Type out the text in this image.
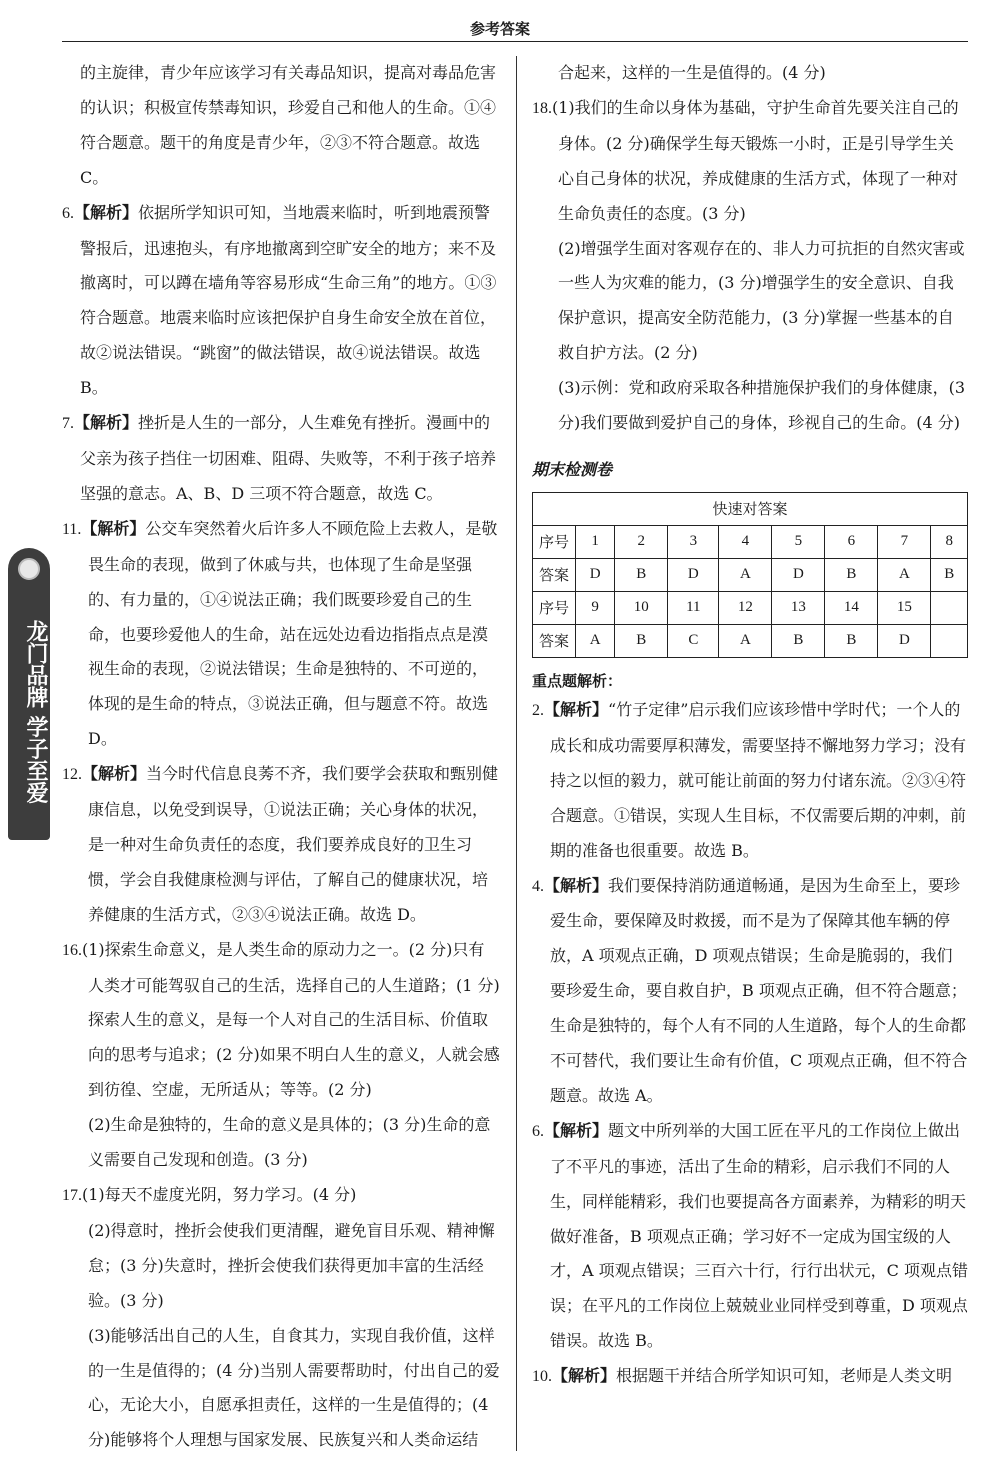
参考答案
龙门品牌 学子至爱

的主旋律，青少年应该学习有关毒品知识，提高对毒品危害的认识；积极宣传禁毒知识，珍爱自己和他人的生命。①④符合题意。题干的角度是青少年，②③不符合题意。故选 C。

6.【解析】依据所学知识可知，当地震来临时，听到地震预警警报后，迅速抱头，有序地撤离到空旷安全的地方；来不及撤离时，可以蹲在墙角等容易形成“生命三角”的地方。①③符合题意。地震来临时应该把保护自身生命安全放在首位，故②说法错误。“跳窗”的做法错误，故④说法错误。故选 B。

7.【解析】挫折是人生的一部分，人生难免有挫折。漫画中的父亲为孩子挡住一切困难、阻碍、失败等，不利于孩子培养坚强的意志。A、B、D 三项不符合题意，故选 C。

11.【解析】公交车突然着火后许多人不顾危险上去救人，是敬畏生命的表现，做到了休戚与共，也体现了生命是坚强的、有力量的，①④说法正确；我们既要珍爱自己的生命，也要珍爱他人的生命，站在远处边看边指指点点是漠视生命的表现，②说法错误；生命是独特的、不可逆的，体现的是生命的特点，③说法正确，但与题意不符。故选 D。

12.【解析】当今时代信息良莠不齐，我们要学会获取和甄别健康信息，以免受到误导，①说法正确；关心身体的状况，是一种对生命负责任的态度，我们要养成良好的卫生习惯，学会自我健康检测与评估，了解自己的健康状况，培养健康的生活方式，②③④说法正确。故选 D。

16.(1)探索生命意义，是人类生命的原动力之一。(2 分)只有人类才可能驾驭自己的生活，选择自己的人生道路；(1 分)探索人生的意义，是每一个人对自己的生活目标、价值取向的思考与追求；(2 分)如果不明白人生的意义，人就会感到彷徨、空虚，无所适从；等等。(2 分)

(2)生命是独特的，生命的意义是具体的；(3 分)生命的意义需要自己发现和创造。(3 分)

17.(1)每天不虚度光阴，努力学习。(4 分)

(2)得意时，挫折会使我们更清醒，避免盲目乐观、精神懈怠；(3 分)失意时，挫折会使我们获得更加丰富的生活经验。(3 分)

(3)能够活出自己的人生，自食其力，实现自我价值，这样的一生是值得的；(4 分)当别人需要帮助时，付出自己的爱心，无论大小，自愿承担责任，这样的一生是值得的；(4 分)能够将个人理想与国家发展、民族复兴和人类命运结

合起来，这样的一生是值得的。(4 分)

18.(1)我们的生命以身体为基础，守护生命首先要关注自己的身体。(2 分)确保学生每天锻炼一小时，正是引导学生关心自己身体的状况，养成健康的生活方式，体现了一种对生命负责任的态度。(3 分)

(2)增强学生面对客观存在的、非人力可抗拒的自然灾害或一些人为灾难的能力，(3 分)增强学生的安全意识、自我保护意识，提高安全防范能力，(3 分)掌握一些基本的自救自护方法。(2 分)

(3)示例：党和政府采取各种措施保护我们的身体健康，(3 分)我们要做到爱护自己的身体，珍视自己的生命。(4 分)

期末检测卷
快速对答案								
序号	1	2	3	4	5	6	7	8
答案	D	B	D	A	D	B	A	B
序号	9	10	11	12	13	14	15	
答案	A	B	C	A	B	B	D	
重点题解析：

2.【解析】“竹子定律”启示我们应该珍惜中学时代；一个人的成长和成功需要厚积薄发，需要坚持不懈地努力学习；没有持之以恒的毅力，就可能让前面的努力付诸东流。②③④符合题意。①错误，实现人生目标，不仅需要后期的冲刺，前期的准备也很重要。故选 B。

4.【解析】我们要保持消防通道畅通，是因为生命至上，要珍爱生命，要保障及时救援，而不是为了保障其他车辆的停放，A 项观点正确，D 项观点错误；生命是脆弱的，我们要珍爱生命，要自救自护，B 项观点正确，但不符合题意；生命是独特的，每个人有不同的人生道路，每个人的生命都不可替代，我们要让生命有价值，C 项观点正确，但不符合题意。故选 A。

6.【解析】题文中所列举的大国工匠在平凡的工作岗位上做出了不平凡的事迹，活出了生命的精彩，启示我们不同的人生，同样能精彩，我们也要提高各方面素养，为精彩的明天做好准备，B 项观点正确；学习好不一定成为国宝级的人才，A 项观点错误；三百六十行，行行出状元，C 项观点错误；在平凡的工作岗位上兢兢业业同样受到尊重，D 项观点错误。故选 B。

10.【解析】根据题干并结合所学知识可知，老师是人类文明
